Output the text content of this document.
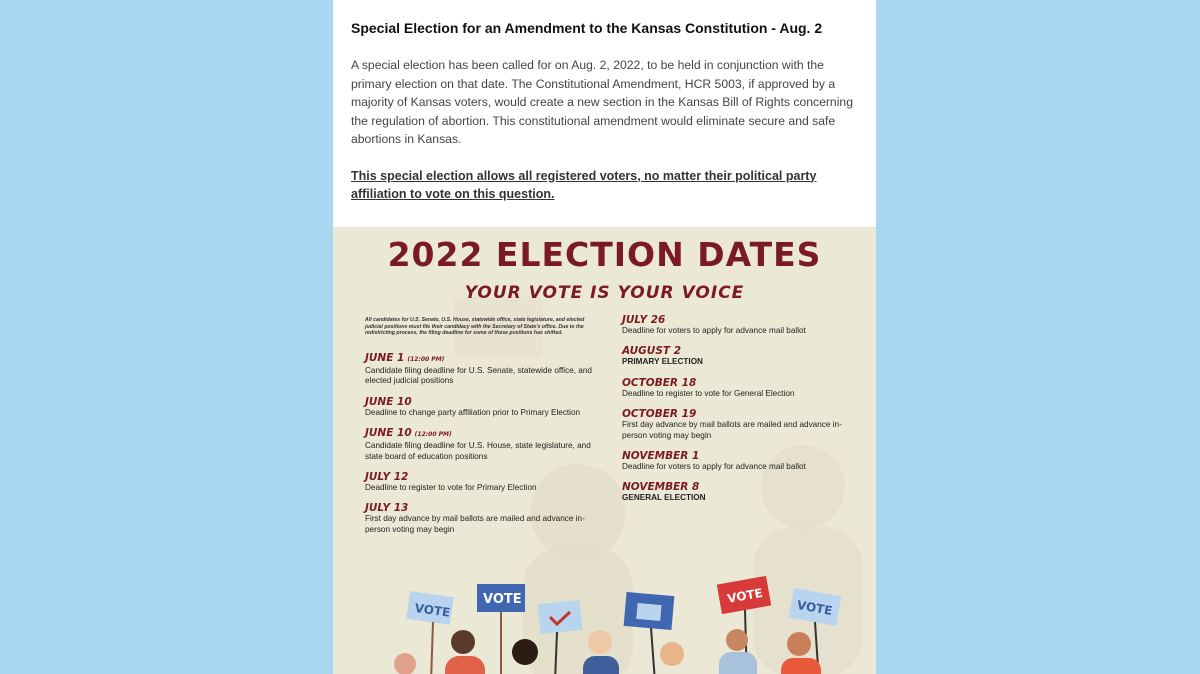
Special Election for an Amendment to the Kansas Constitution - Aug. 2

A special election has been called for on Aug. 2, 2022, to be held in conjunction with the primary election on that date. The Constitutional Amendment, HCR 5003, if approved by a majority of Kansas voters, would create a new section in the Kansas Bill of Rights concerning the regulation of abortion. This constitutional amendment would eliminate secure and safe abortions in Kansas.

This special election allows all registered voters, no matter their political party affiliation to vote on this question.

2022 ELECTION DATES
YOUR VOTE IS YOUR VOICE
All candidates for U.S. Senate, U.S. House, statewide office, state legislature, and elected judicial positions must file their candidacy with the Secretary of State's office. Due to the redistricting process, the filing deadline for some of these positions has shifted.
JUNE 1 (12:00 PM)
Candidate filing deadline for U.S. Senate, statewide office, and elected judicial positions
JUNE 10
Deadline to change party affiliation prior to Primary Election
JUNE 10 (12:00 PM)
Candidate filing deadline for U.S. House, state legislature, and state board of education positions
JULY 12
Deadline to register to vote for Primary Election
JULY 13
First day advance by mail ballots are mailed and advance in-person voting may begin
JULY 26
Deadline for voters to apply for advance mail ballot
AUGUST 2
PRIMARY ELECTION
OCTOBER 18
Deadline to register to vote for General Election
OCTOBER 19
First day advance by mail ballots are mailed and advance in-person voting may begin
NOVEMBER 1
Deadline for voters to apply for advance mail ballot
NOVEMBER 8
GENERAL ELECTION
VOTE
VOTE	VOTE
VOTE
